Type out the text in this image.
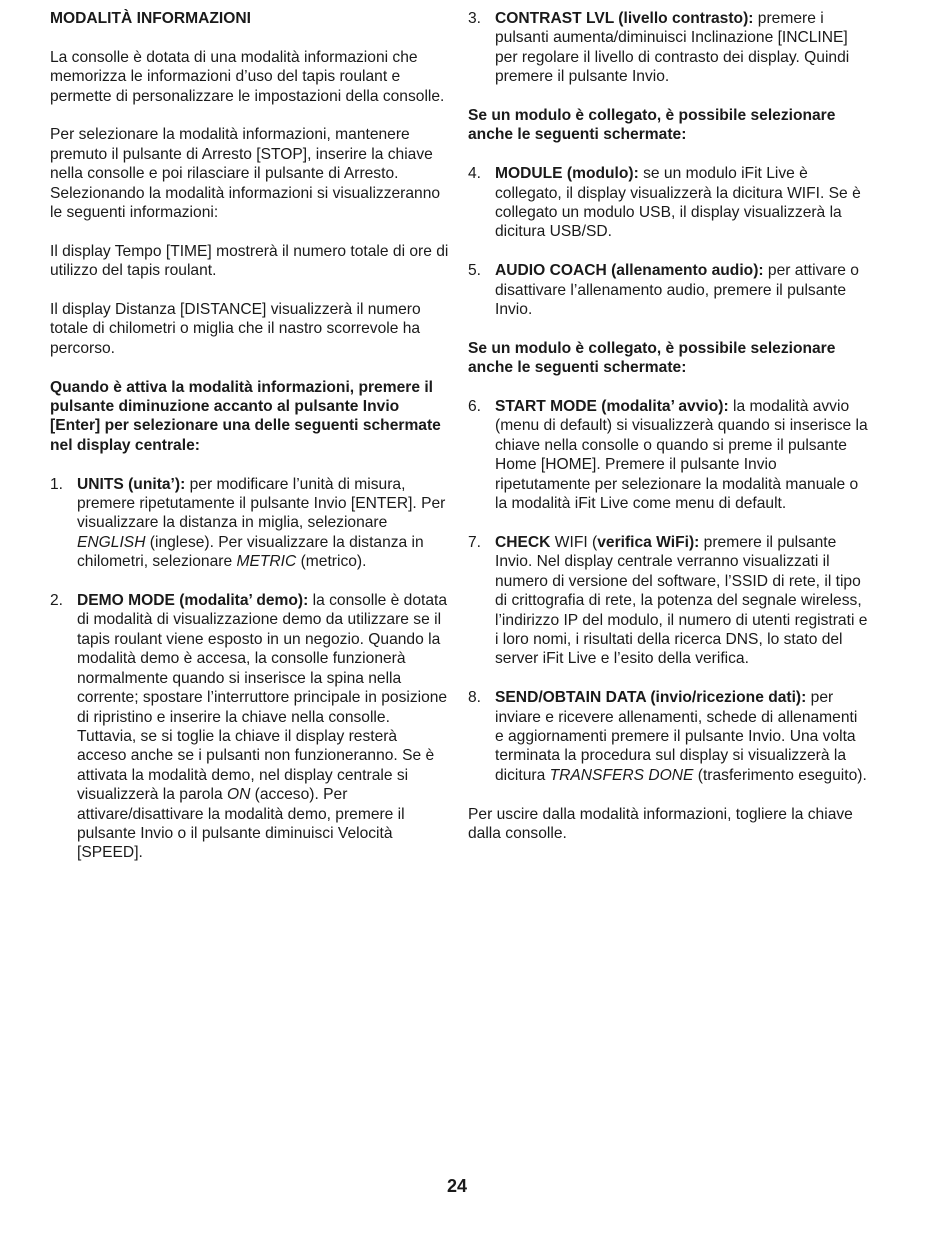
MODALITÀ INFORMAZIONI

La consolle è dotata di una modalità informazioni che memorizza le informazioni d’uso del tapis roulant e permette di personalizzare le impostazioni della consolle.

Per selezionare la modalità informazioni, mantenere premuto il pulsante di Arresto [STOP], inserire la chiave nella consolle e poi rilasciare il pulsante di Arresto. Selezionando la modalità informazioni si visualizzeranno le seguenti informazioni:

Il display Tempo [TIME] mostrerà il numero totale di ore di utilizzo del tapis roulant.

Il display Distanza [DISTANCE] visualizzerà il numero totale di chilometri o miglia che il nastro scorrevole ha percorso.

Quando è attiva la modalità informazioni, premere il pulsante diminuzione accanto al pulsante Invio [Enter] per selezionare una delle seguenti schermate nel display centrale:

1. UNITS (unita’): per modificare l’unità di misura, premere ripetutamente il pulsante Invio [ENTER]. Per visualizzare la distanza in miglia, selezionare ENGLISH (inglese). Per visualizzare la distanza in chilometri, selezionare METRIC (metrico).
2. DEMO MODE (modalita’ demo): la consolle è dotata di modalità di visualizzazione demo da utilizzare se il tapis roulant viene esposto in un negozio. Quando la modalità demo è accesa, la consolle funzionerà normalmente quando si inserisce la spina nella corrente; spostare l’interruttore principale in posizione di ripristino e inserire la chiave nella consolle. Tuttavia, se si toglie la chiave il display resterà acceso anche se i pulsanti non funzioneranno. Se è attivata la modalità demo, nel display centrale si visualizzerà la parola ON (acceso). Per attivare/disattivare la modalità demo, premere il pulsante Invio o il pulsante diminuisci Velocità [SPEED].
3. CONTRAST LVL (livello contrasto): premere i pulsanti aumenta/diminuisci Inclinazione [INCLINE] per regolare il livello di contrasto dei display. Quindi premere il pulsante Invio.

Se un modulo è collegato, è possibile selezionare anche le seguenti schermate:

4. MODULE (modulo): se un modulo iFit Live è collegato, il display visualizzerà la dicitura WIFI. Se è collegato un modulo USB, il display visualizzerà la dicitura USB/SD.
5. AUDIO COACH (allenamento audio): per attivare o disattivare l’allenamento audio, premere il pulsante Invio.

Se un modulo è collegato, è possibile selezionare anche le seguenti schermate:

6. START MODE (modalita’ avvio): la modalità avvio (menu di default) si visualizzerà quando si inserisce la chiave nella consolle o quando si preme il pulsante Home [HOME]. Premere il pulsante Invio ripetutamente per selezionare la modalità manuale o la modalità iFit Live come menu di default.
7. CHECK WIFI (verifica WiFi): premere il pulsante Invio. Nel display centrale verranno visualizzati il numero di versione del software, l’SSID di rete, il tipo di crittografia di rete, la potenza del segnale wireless, l’indirizzo IP del modulo, il numero di utenti registrati e i loro nomi, i risultati della ricerca DNS, lo stato del server iFit Live e l’esito della verifica.
8. SEND/OBTAIN DATA (invio/ricezione dati): per inviare e ricevere allenamenti, schede di allenamenti e aggiornamenti premere il pulsante Invio. Una volta terminata la procedura sul display si visualizzerà la dicitura TRANSFERS DONE (trasferimento eseguito).

Per uscire dalla modalità informazioni, togliere la chiave dalla consolle.

24
